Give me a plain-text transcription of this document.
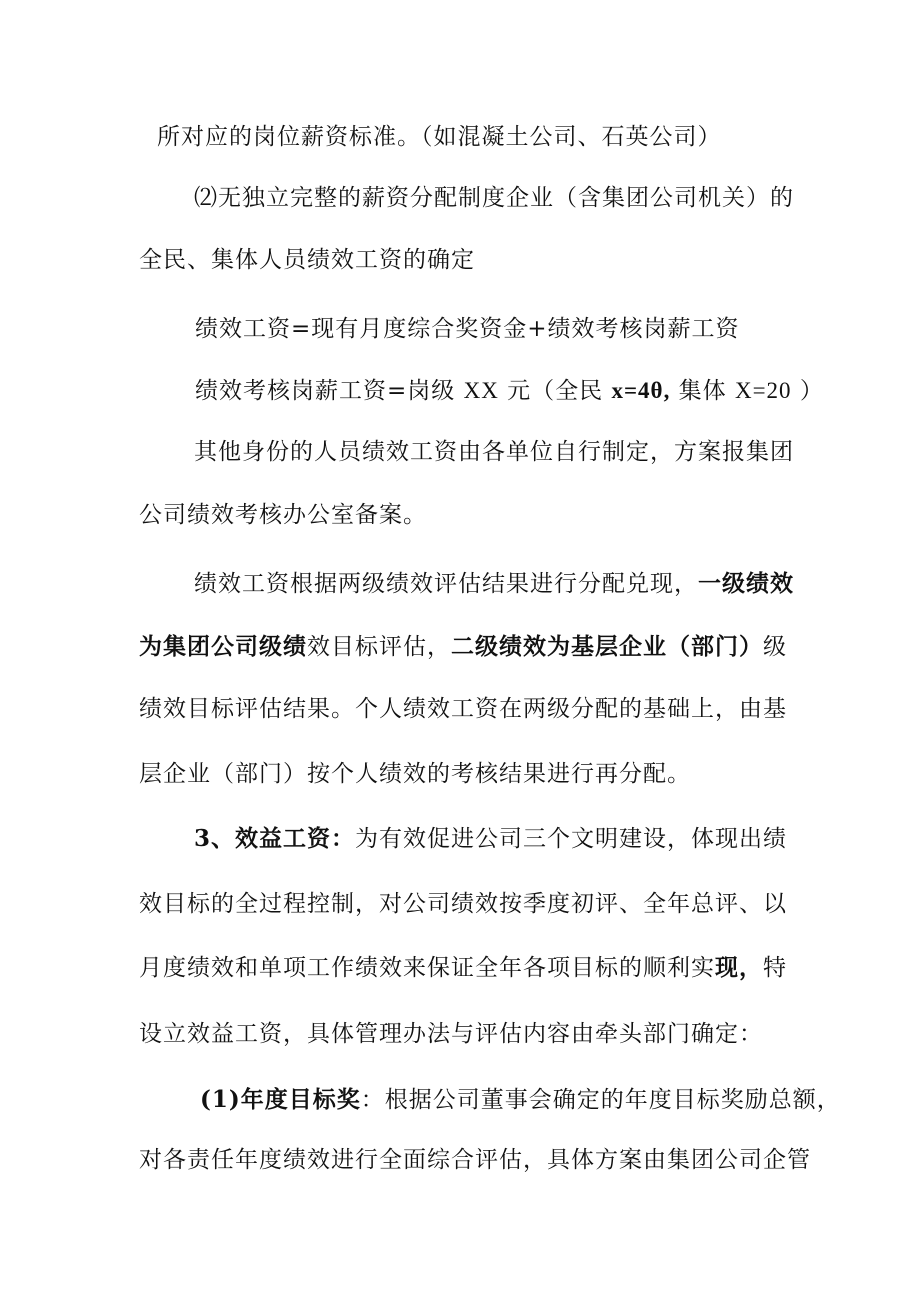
所对应的岗位薪资标准。（如混凝土公司、石英公司）
⑵无独立完整的薪资分配制度企业（含集团公司机关）的
全民、集体人员绩效工资的确定
绩效工资=现有月度综合奖资金+绩效考核岗薪工资
绩效考核岗薪工资=岗级 XX 元（全民 x=4θ, 集体 X=20 ）
其他身份的人员绩效工资由各单位自行制定，方案报集团
公司绩效考核办公室备案。
绩效工资根据两级绩效评估结果进行分配兑现，一级绩效
为集团公司级绩效目标评估，二级绩效为基层企业（部门）级
绩效目标评估结果。个人绩效工资在两级分配的基础上，由基
层企业（部门）按个人绩效的考核结果进行再分配。
3、效益工资：为有效促进公司三个文明建设，体现出绩
效目标的全过程控制，对公司绩效按季度初评、全年总评、以
月度绩效和单项工作绩效来保证全年各项目标的顺利实现，特
设立效益工资，具体管理办法与评估内容由牵头部门确定：
(1)年度目标奖：根据公司董事会确定的年度目标奖励总额，
对各责任年度绩效进行全面综合评估，具体方案由集团公司企管
